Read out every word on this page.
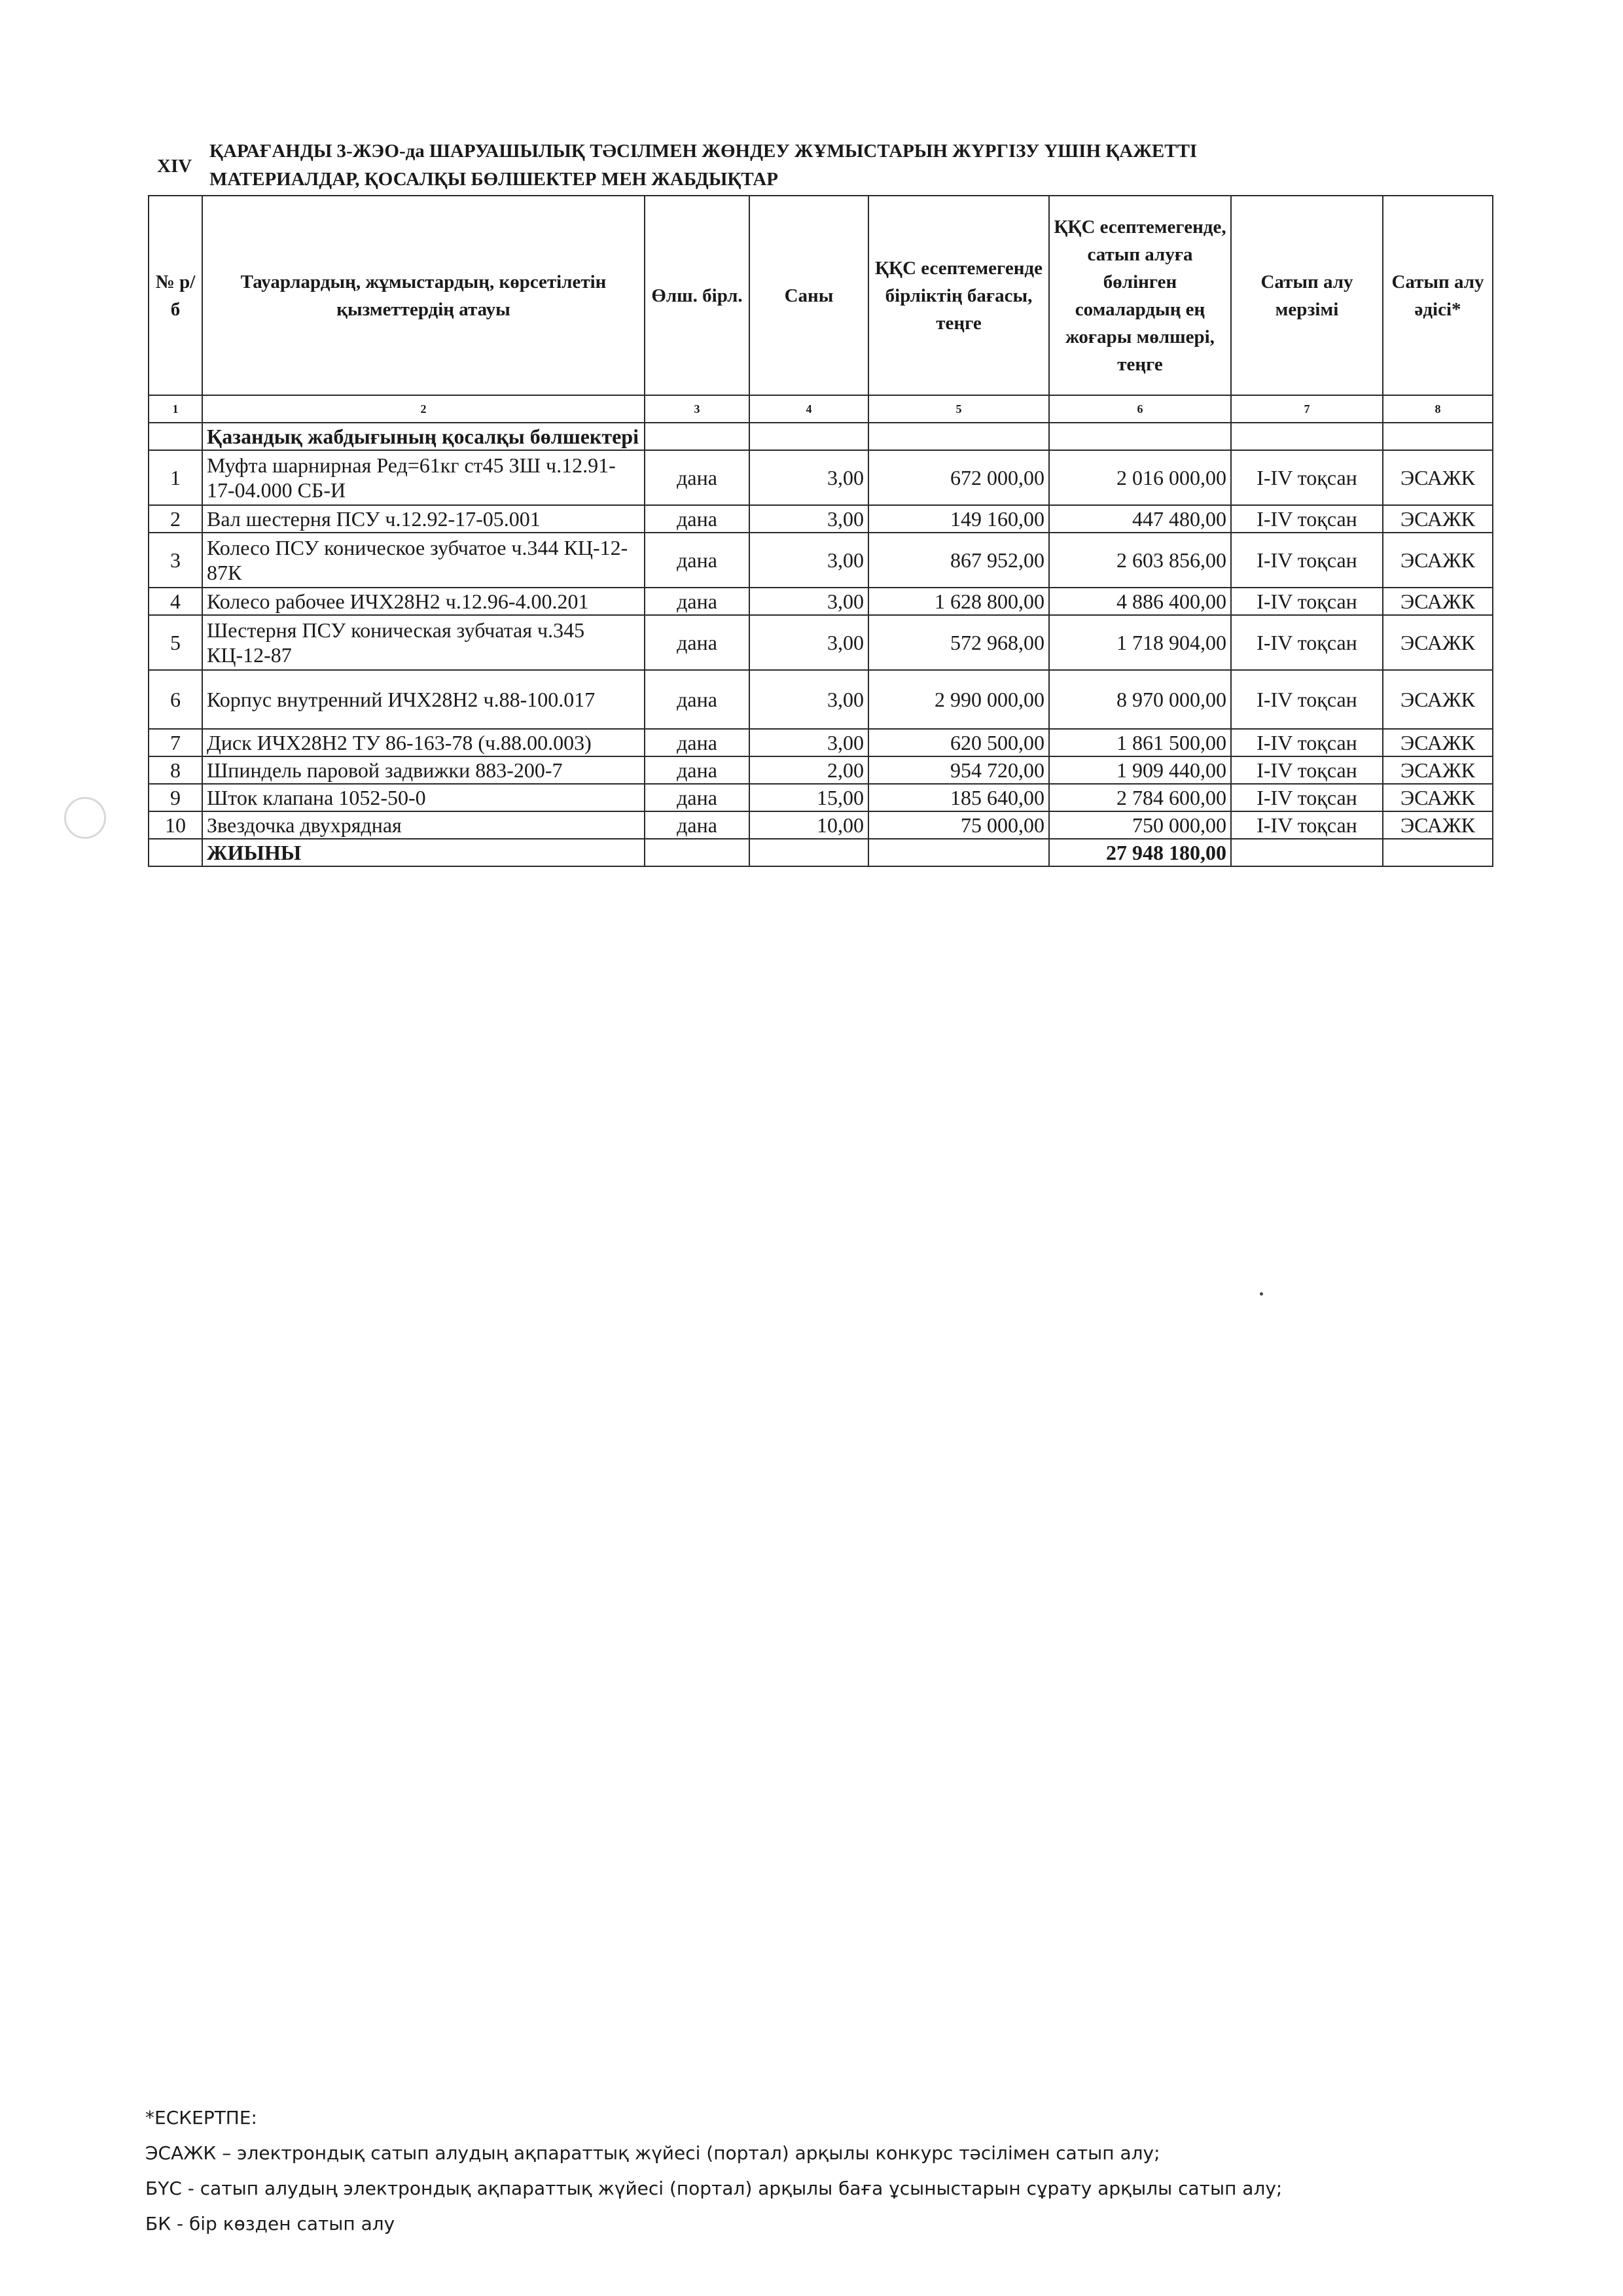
XIV
ҚАРАҒАНДЫ 3-ЖЭО-да ШАРУАШЫЛЫҚ ТӘСІЛМЕН ЖӨНДЕУ ЖҰМЫСТАРЫН ЖҮРГІЗУ ҮШІН ҚАЖЕТТІ
МАТЕРИАЛДАР, ҚОСАЛҚЫ БӨЛШЕКТЕР МЕН ЖАБДЫҚТАР
№ р/б	Тауарлардың, жұмыстардың, көрсетілетін қызметтердің атауы	Өлш. бірл.	Саны	ҚҚС есептемегенде бірліктің бағасы, теңге	ҚҚС есептемегенде, сатып алуға бөлінген сомалардың ең жоғары мөлшері, теңге	Сатып алу мерзімі	Сатып алу әдісі*
1	2	3	4	5	6	7	8
	Қазандық жабдығының қосалқы бөлшектері						
1	Муфта шарнирная Ред=61кг ст45 ЗШ ч.12.91-17-04.000 СБ-И	дана	3,00	672 000,00	2 016 000,00	I-IV тоқсан	ЭСАЖК
2	Вал шестерня ПСУ ч.12.92-17-05.001	дана	3,00	149 160,00	447 480,00	I-IV тоқсан	ЭСАЖК
3	Колесо ПСУ коническое зубчатое ч.344 КЦ-12-87К	дана	3,00	867 952,00	2 603 856,00	I-IV тоқсан	ЭСАЖК
4	Колесо рабочее ИЧХ28Н2 ч.12.96-4.00.201	дана	3,00	1 628 800,00	4 886 400,00	I-IV тоқсан	ЭСАЖК
5	Шестерня ПСУ коническая зубчатая ч.345 КЦ-12-87	дана	3,00	572 968,00	1 718 904,00	I-IV тоқсан	ЭСАЖК
6	Корпус внутренний ИЧХ28Н2 ч.88-100.017	дана	3,00	2 990 000,00	8 970 000,00	I-IV тоқсан	ЭСАЖК
7	Диск ИЧХ28Н2 ТУ 86-163-78 (ч.88.00.003)	дана	3,00	620 500,00	1 861 500,00	I-IV тоқсан	ЭСАЖК
8	Шпиндель паровой задвижки 883-200-7	дана	2,00	954 720,00	1 909 440,00	I-IV тоқсан	ЭСАЖК
9	Шток клапана 1052-50-0	дана	15,00	185 640,00	2 784 600,00	I-IV тоқсан	ЭСАЖК
10	Звездочка двухрядная	дана	10,00	75 000,00	750 000,00	I-IV тоқсан	ЭСАЖК
	ЖИЫНЫ				27 948 180,00		
*ЕСКЕРТПЕ:
ЭСАЖК – электрондық сатып алудың ақпараттық жүйесі (портал) арқылы конкурс тәсілімен сатып алу;
БҮС - сатып алудың электрондық ақпараттық жүйесі (портал) арқылы баға ұсыныстарын сұрату арқылы сатып алу;
БК - бір көзден сатып алу
